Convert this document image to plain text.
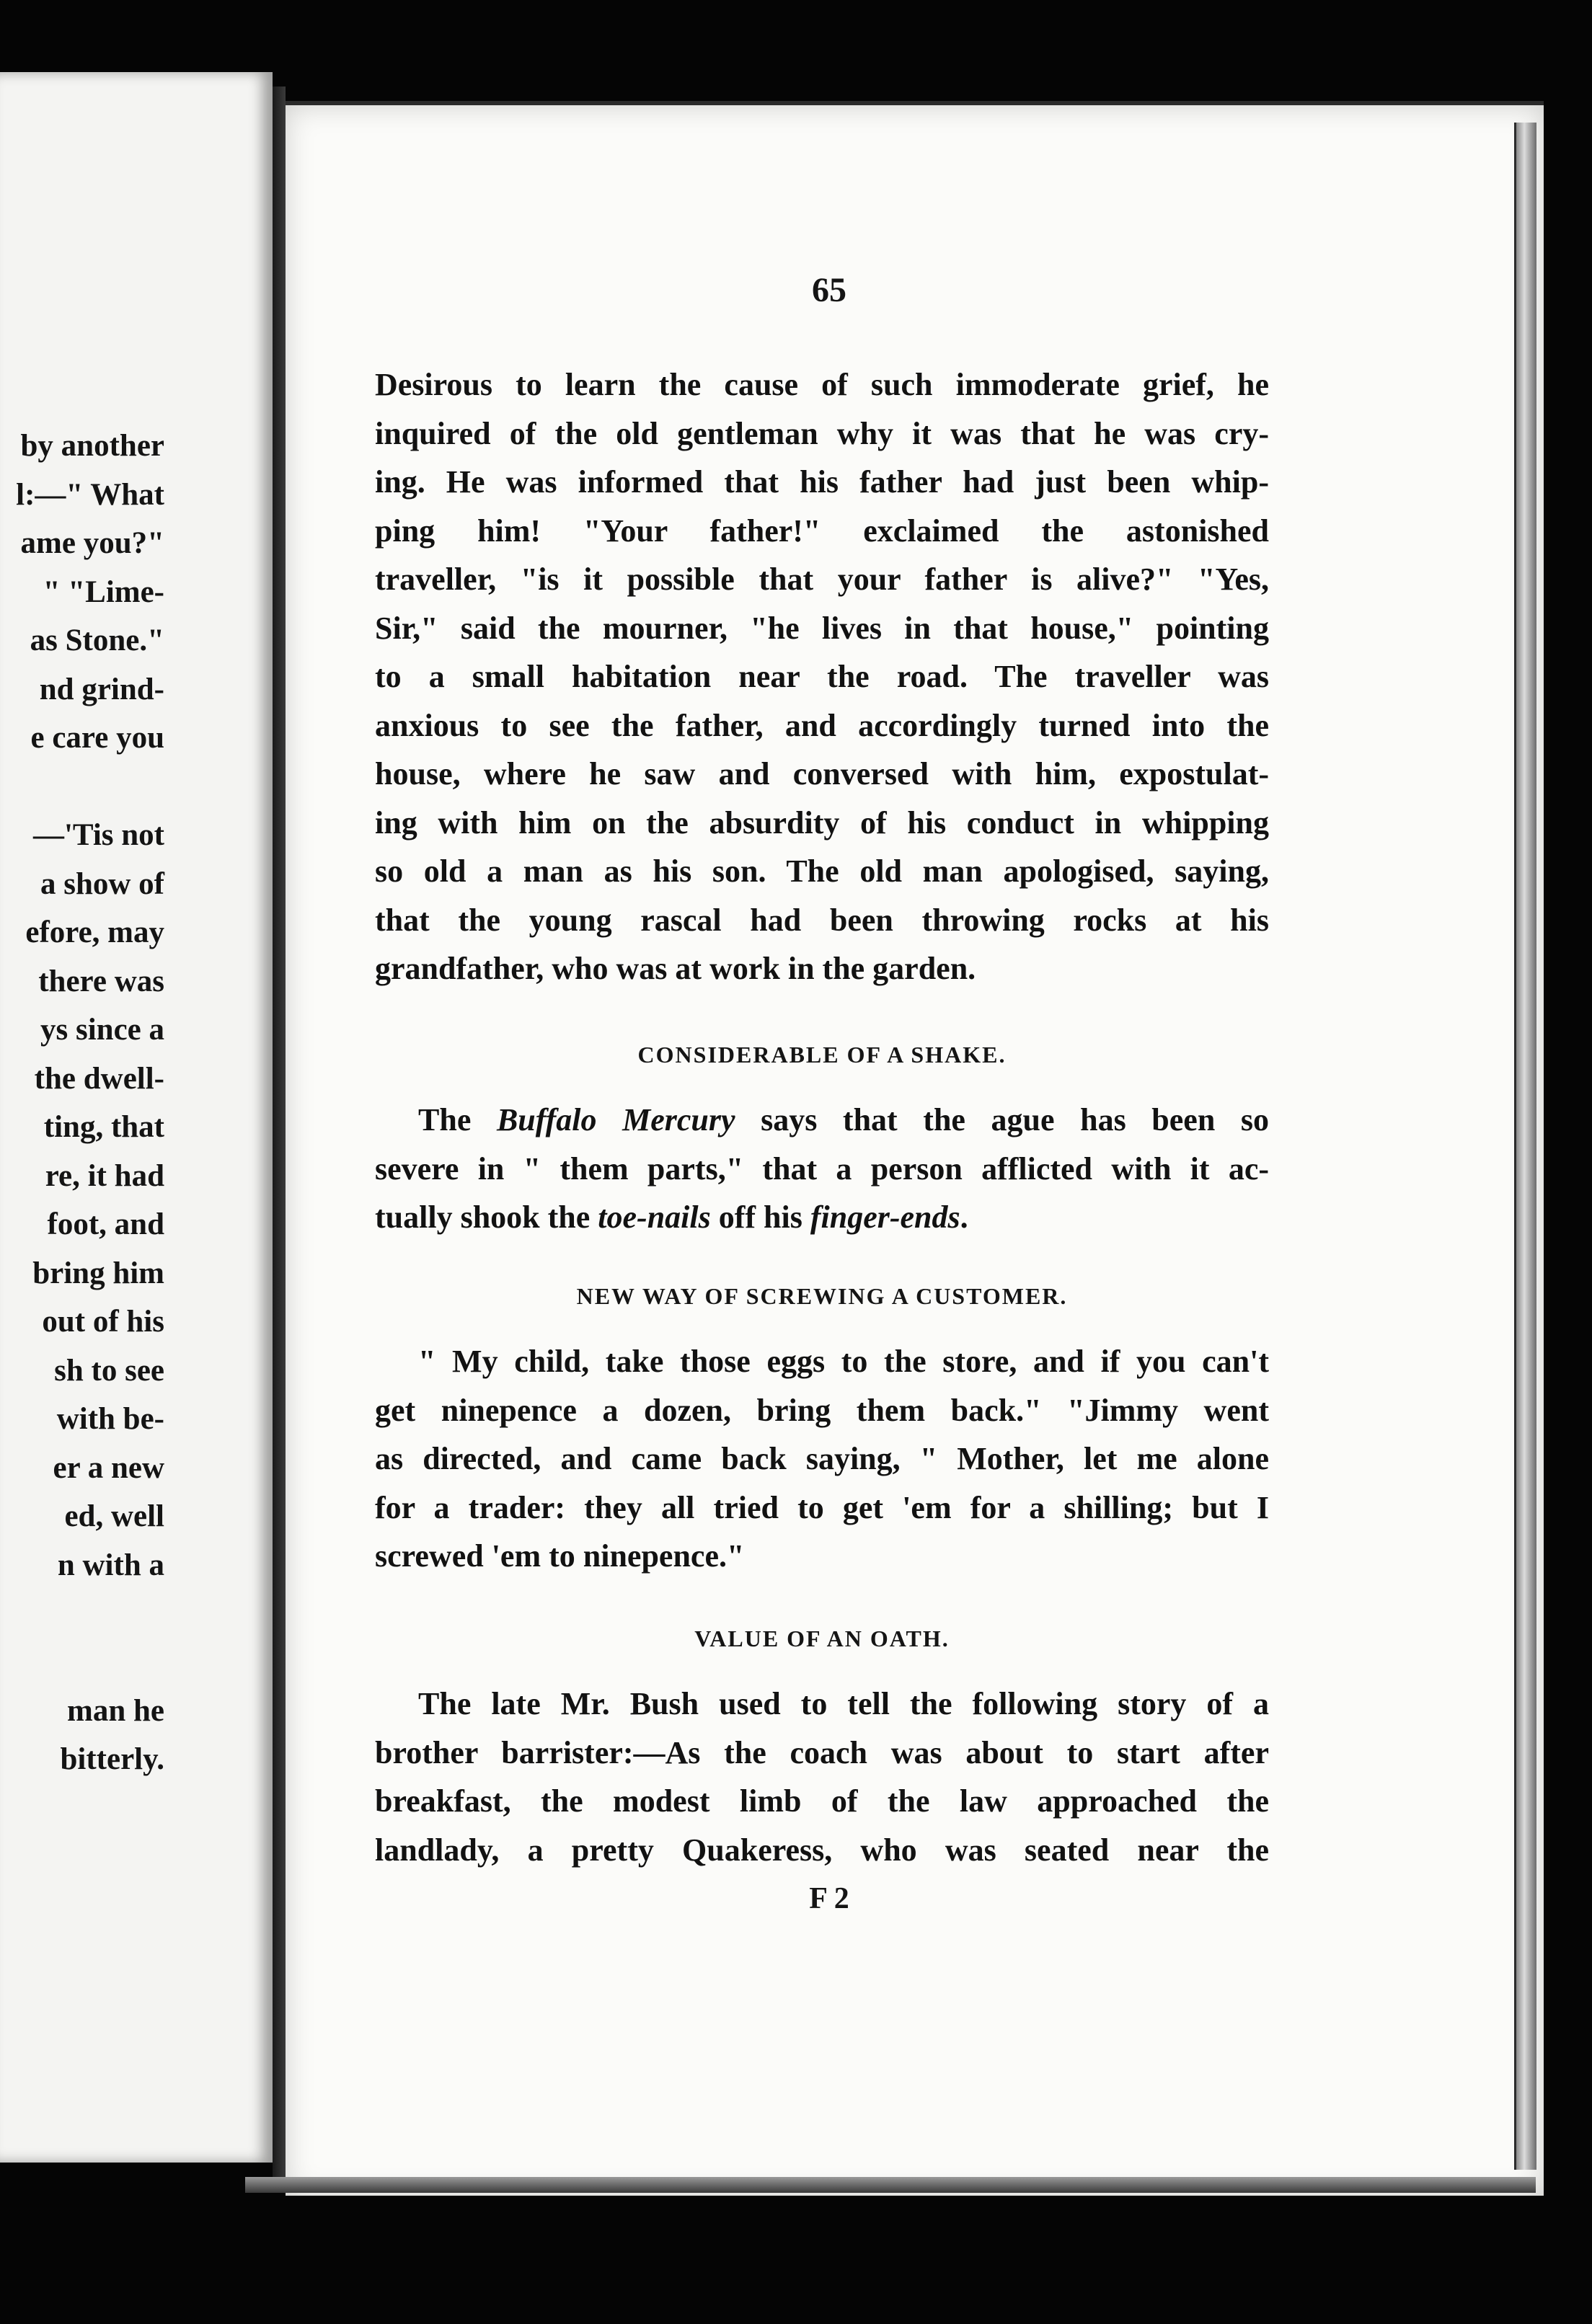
by another
l:—" What
ame you?"
" "Lime-
as Stone."
nd grind-
e care you
—'Tis not
a show of
efore, may
there was
ys since a
the dwell-
ting, that
re, it had
foot, and
bring him
out of his
sh to see
with be-
er a new
ed, well
n with a
man he
bitterly.
65
Desirous to learn the cause of such immoderate grief, he
inquired of the old gentleman why it was that he was cry-
ing. He was informed that his father had just been whip-
ping him! "Your father!" exclaimed the astonished
traveller, "is it possible that your father is alive?" "Yes,
Sir," said the mourner, "he lives in that house," pointing
to a small habitation near the road. The traveller was
anxious to see the father, and accordingly turned into the
house, where he saw and conversed with him, expostulat-
ing with him on the absurdity of his conduct in whipping
so old a man as his son. The old man apologised, saying,
that the young rascal had been throwing rocks at his
grandfather, who was at work in the garden.
CONSIDERABLE OF A SHAKE.
The Buffalo Mercury says that the ague has been so
severe in " them parts," that a person afflicted with it ac-
tually shook the toe-nails off his finger-ends.
NEW WAY OF SCREWING A CUSTOMER.
" My child, take those eggs to the store, and if you can't
get ninepence a dozen, bring them back." "Jimmy went
as directed, and came back saying, " Mother, let me alone
for a trader: they all tried to get 'em for a shilling; but I
screwed 'em to ninepence."
VALUE OF AN OATH.
The late Mr. Bush used to tell the following story of a
brother barrister:—As the coach was about to start after
breakfast, the modest limb of the law approached the
landlady, a pretty Quakeress, who was seated near the
F 2
